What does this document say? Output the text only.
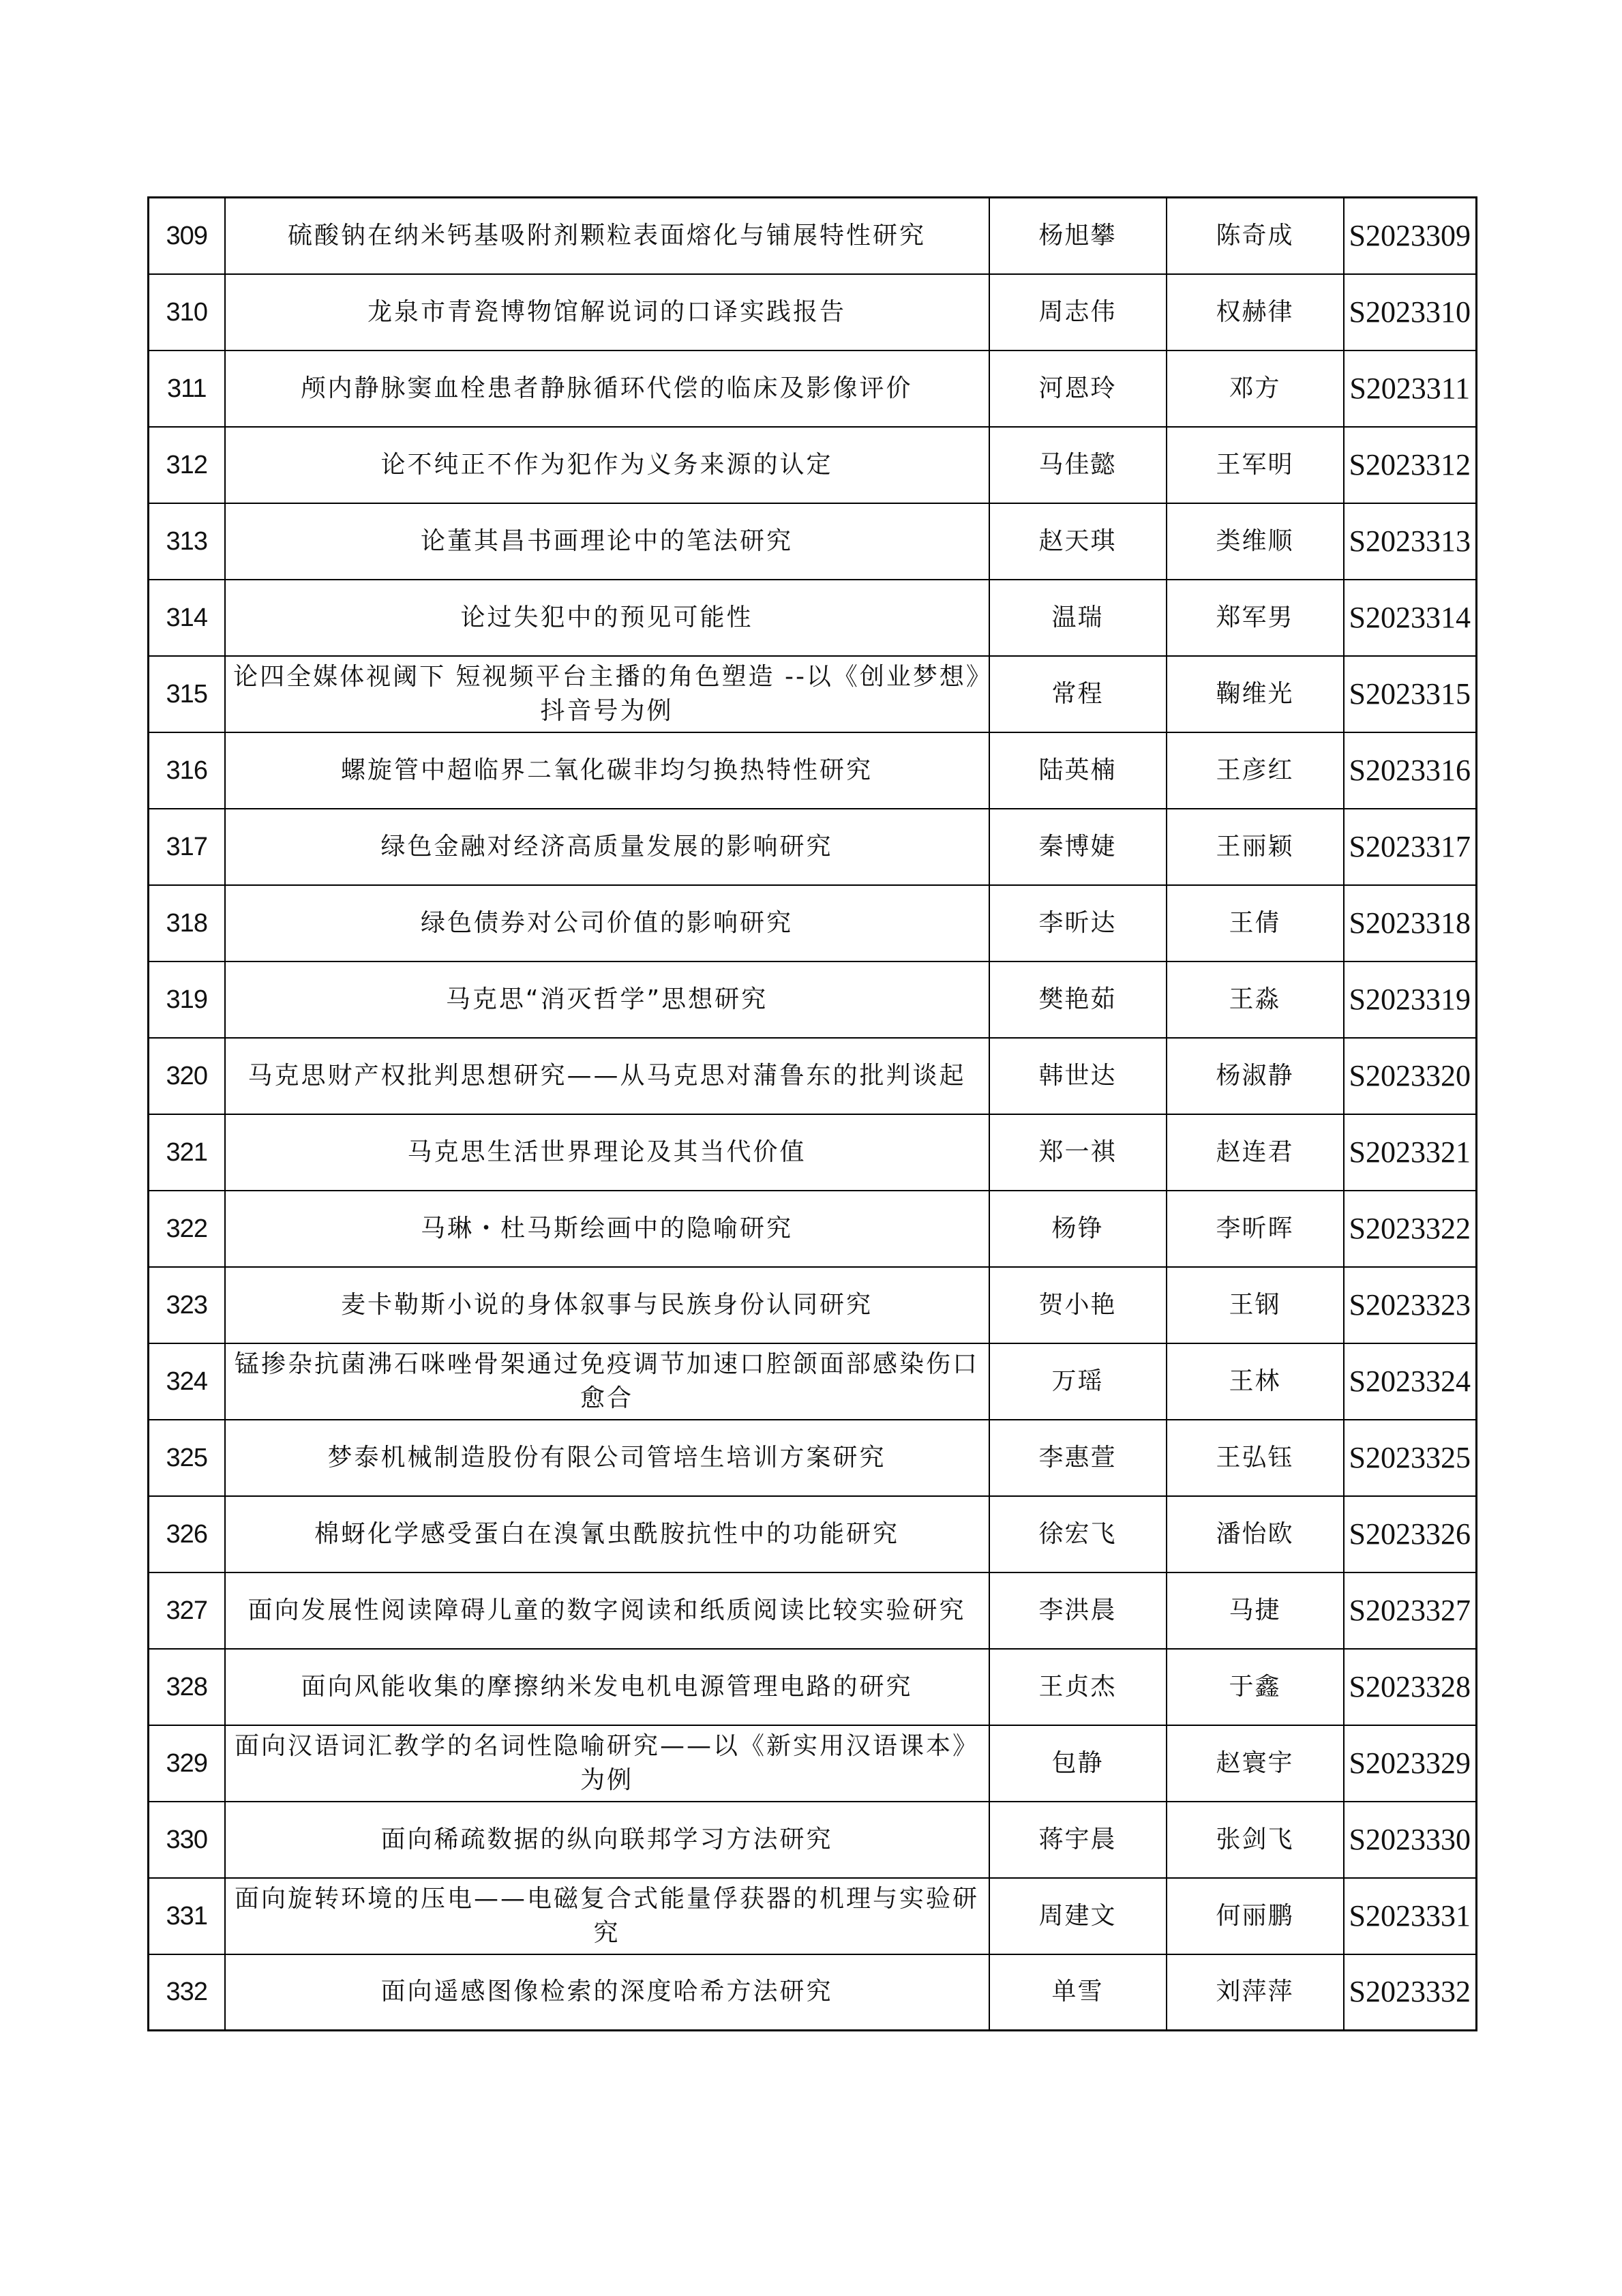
309	硫酸钠在纳米钙基吸附剂颗粒表面熔化与铺展特性研究	杨旭攀	陈奇成	S2023309
310	龙泉市青瓷博物馆解说词的口译实践报告	周志伟	权赫律	S2023310
311	颅内静脉窦血栓患者静脉循环代偿的临床及影像评价	河恩玲	邓方	S2023311
312	论不纯正不作为犯作为义务来源的认定	马佳懿	王军明	S2023312
313	论董其昌书画理论中的笔法研究	赵天琪	类维顺	S2023313
314	论过失犯中的预见可能性	温瑞	郑军男	S2023314
315	论四全媒体视阈下 短视频平台主播的角色塑造 --以《创业梦想》抖音号为例	常程	鞠维光	S2023315
316	螺旋管中超临界二氧化碳非均匀换热特性研究	陆英楠	王彦红	S2023316
317	绿色金融对经济高质量发展的影响研究	秦博婕	王丽颖	S2023317
318	绿色债券对公司价值的影响研究	李昕达	王倩	S2023318
319	马克思“消灭哲学”思想研究	樊艳茹	王淼	S2023319
320	马克思财产权批判思想研究——从马克思对蒲鲁东的批判谈起	韩世达	杨淑静	S2023320
321	马克思生活世界理论及其当代价值	郑一祺	赵连君	S2023321
322	马琳・杜马斯绘画中的隐喻研究	杨铮	李昕晖	S2023322
323	麦卡勒斯小说的身体叙事与民族身份认同研究	贺小艳	王钢	S2023323
324	锰掺杂抗菌沸石咪唑骨架通过免疫调节加速口腔颌面部感染伤口愈合	万瑶	王林	S2023324
325	梦泰机械制造股份有限公司管培生培训方案研究	李惠萱	王弘钰	S2023325
326	棉蚜化学感受蛋白在溴氰虫酰胺抗性中的功能研究	徐宏飞	潘怡欧	S2023326
327	面向发展性阅读障碍儿童的数字阅读和纸质阅读比较实验研究	李洪晨	马捷	S2023327
328	面向风能收集的摩擦纳米发电机电源管理电路的研究	王贞杰	于鑫	S2023328
329	面向汉语词汇教学的名词性隐喻研究——以《新实用汉语课本》为例	包静	赵寰宇	S2023329
330	面向稀疏数据的纵向联邦学习方法研究	蒋宇晨	张剑飞	S2023330
331	面向旋转环境的压电——电磁复合式能量俘获器的机理与实验研究	周建文	何丽鹏	S2023331
332	面向遥感图像检索的深度哈希方法研究	单雪	刘萍萍	S2023332
